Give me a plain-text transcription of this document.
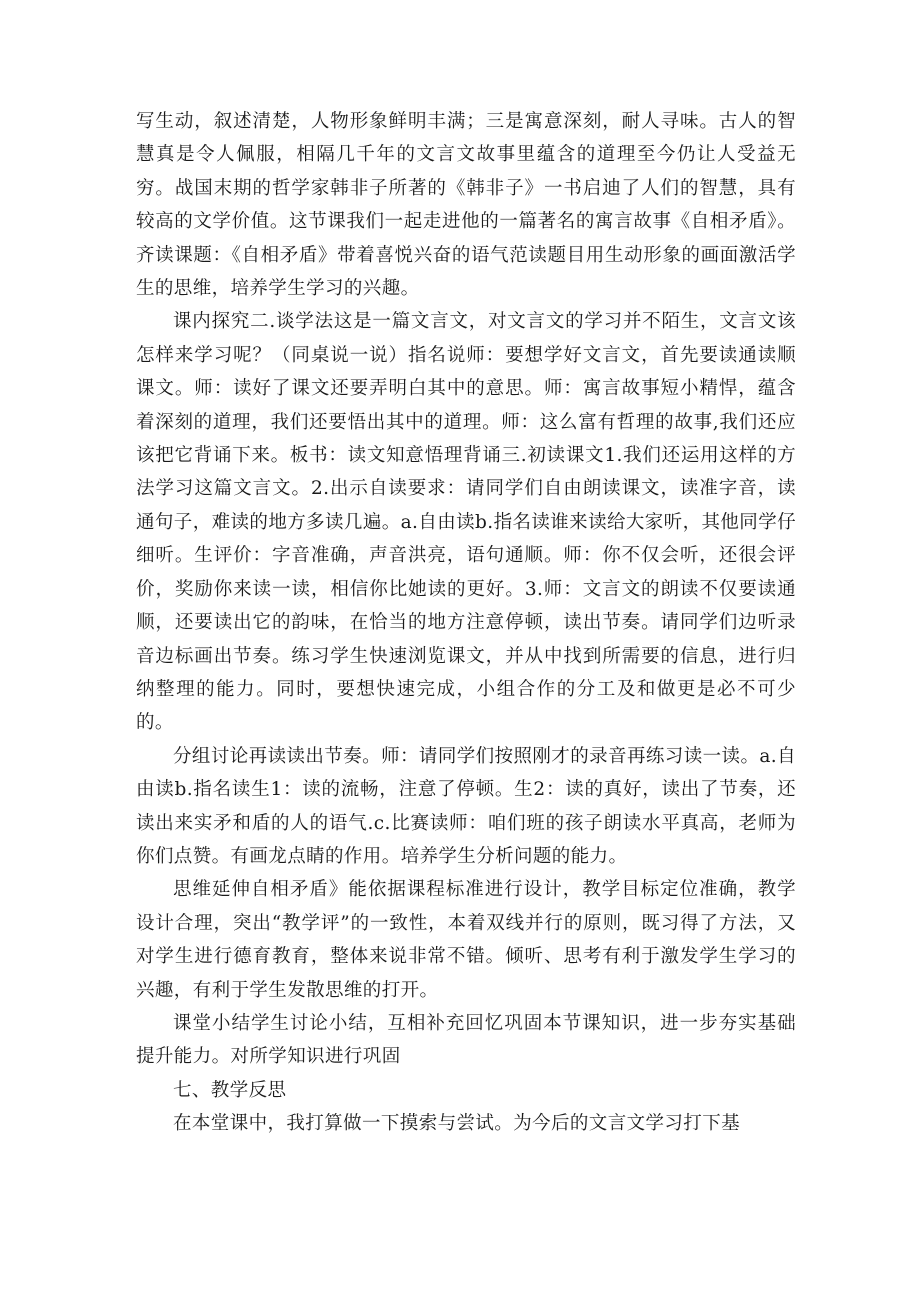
写生动，叙述清楚，人物形象鲜明丰满；三是寓意深刻，耐人寻味。古人的智慧真是令人佩服，相隔几千年的文言文故事里蕴含的道理至今仍让人受益无穷。战国末期的哲学家韩非子所著的《韩非子》一书启迪了人们的智慧，具有较高的文学价值。这节课我们一起走进他的一篇著名的寓言故事《自相矛盾》。齐读课题：《自相矛盾》带着喜悦兴奋的语气范读题目用生动形象的画面激活学生的思维，培养学生学习的兴趣。

课内探究二.谈学法这是一篇文言文，对文言文的学习并不陌生，文言文该怎样来学习呢？（同桌说一说）指名说师：要想学好文言文，首先要读通读顺课文。师：读好了课文还要弄明白其中的意思。师：寓言故事短小精悍，蕴含着深刻的道理，我们还要悟出其中的道理。师：这么富有哲理的故事,我们还应该把它背诵下来。板书：读文知意悟理背诵三.初读课文1.我们还运用这样的方法学习这篇文言文。2.出示自读要求：请同学们自由朗读课文，读准字音，读通句子，难读的地方多读几遍。a.自由读b.指名读谁来读给大家听，其他同学仔细听。生评价：字音准确，声音洪亮，语句通顺。师：你不仅会听，还很会评价，奖励你来读一读，相信你比她读的更好。3.师：文言文的朗读不仅要读通顺，还要读出它的韵味，在恰当的地方注意停顿，读出节奏。请同学们边听录音边标画出节奏。练习学生快速浏览课文，并从中找到所需要的信息，进行归纳整理的能力。同时，要想快速完成，小组合作的分工及和做更是必不可少的。

分组讨论再读读出节奏。师：请同学们按照刚才的录音再练习读一读。a.自由读b.指名读生1：读的流畅，注意了停顿。生2：读的真好，读出了节奏，还读出来实矛和盾的人的语气.c.比赛读师：咱们班的孩子朗读水平真高，老师为你们点赞。有画龙点睛的作用。培养学生分析问题的能力。

思维延伸自相矛盾》能依据课程标准进行设计，教学目标定位准确，教学设计合理，突出“教学评”的一致性，本着双线并行的原则，既习得了方法，又对学生进行德育教育，整体来说非常不错。倾听、思考有利于激发学生学习的兴趣，有利于学生发散思维的打开。

课堂小结学生讨论小结，互相补充回忆巩固本节课知识，进一步夯实基础提升能力。对所学知识进行巩固

七、教学反思

在本堂课中，我打算做一下摸索与尝试。为今后的文言文学习打下基
